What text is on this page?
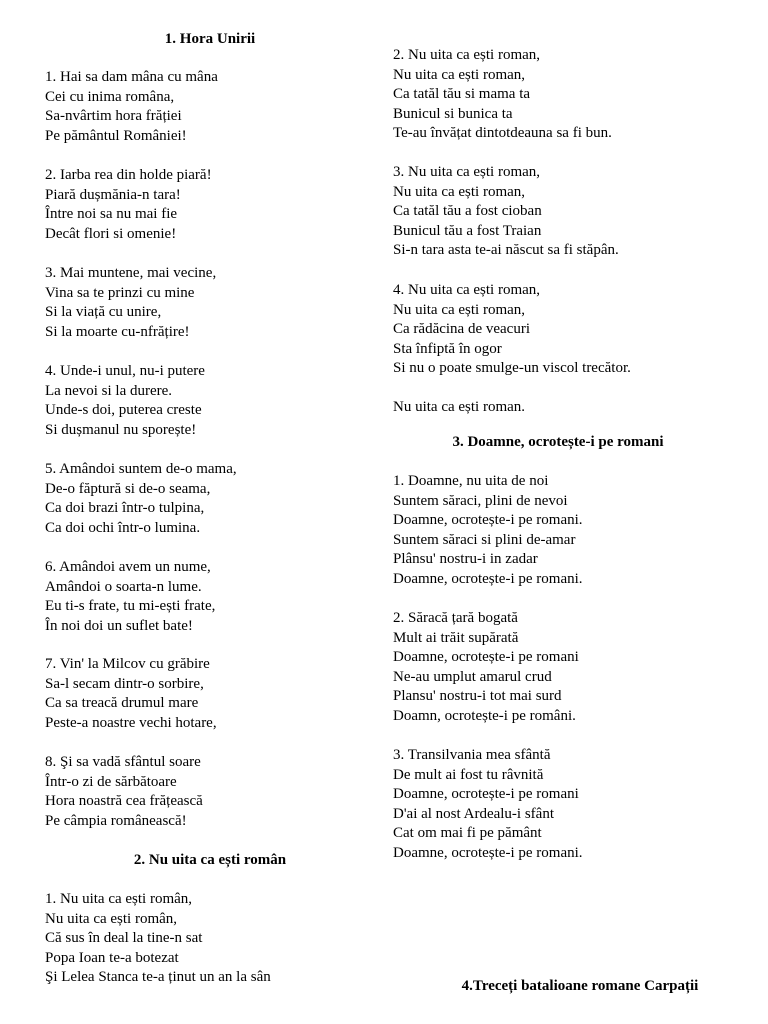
1. Hora Unirii
1. Hai sa dam mâna cu mâna
Cei cu inima româna,
Sa-nvârtim hora frăției
Pe pământul României!
2. Iarba rea din holde piară!
Piară dușmănia-n tara!
Între noi sa nu mai fie
Decât flori si omenie!
3. Mai muntene, mai vecine,
Vina sa te prinzi cu mine
Si la viață cu unire,
Si la moarte cu-nfrățire!
4. Unde-i unul, nu-i putere
La nevoi si la durere.
Unde-s doi, puterea creste
Si dușmanul nu sporește!
5. Amândoi suntem de-o mama,
De-o făptură si de-o seama,
Ca doi brazi într-o tulpina,
Ca doi ochi într-o lumina.
6. Amândoi avem un nume,
Amândoi o soarta-n lume.
Eu ti-s frate, tu mi-ești frate,
În noi doi un suflet bate!
7. Vin' la Milcov cu grăbire
Sa-l secam dintr-o sorbire,
Ca sa treacă drumul mare
Peste-a noastre vechi hotare,
8. Şi sa vadă sfântul soare
Într-o zi de sărbătoare
Hora noastră cea frățească
Pe câmpia românească!
2. Nu uita ca ești român
1. Nu uita ca ești român,
Nu uita ca ești român,
Că sus în deal la tine-n sat
Popa Ioan te-a botezat
Şi Lelea Stanca te-a ținut un an la sân
2. Nu uita ca ești roman,
Nu uita ca ești roman,
Ca tatăl tău si mama ta
Bunicul si bunica ta
Te-au învățat dintotdeauna sa fi bun.
3. Nu uita ca ești roman,
Nu uita ca ești roman,
Ca tatăl tău a fost cioban
Bunicul tău a fost Traian
Si-n tara asta te-ai născut sa fi stăpân.
4. Nu uita ca ești roman,
Nu uita ca ești roman,
Ca rădăcina de veacuri
Sta înfiptă în ogor
Si nu o poate smulge-un viscol trecător.
Nu uita ca ești roman.
3. Doamne, ocrotește-i pe romani
1. Doamne, nu uita de noi
Suntem săraci, plini de nevoi
Doamne, ocrotește-i pe romani.
Suntem săraci si plini de-amar
Plânsu' nostru-i in zadar
Doamne, ocrotește-i pe romani.
2. Săracă țară bogată
Mult ai trăit supărată
Doamne, ocrotește-i pe romani
Ne-au umplut amarul crud
Plansu' nostru-i tot mai surd
Doamn, ocrotește-i pe români.
3. Transilvania mea sfântă
De mult ai fost tu râvnită
Doamne, ocrotește-i pe romani
D'ai al nost Ardealu-i sfânt
Cat om mai fi pe pământ
Doamne, ocrotește-i pe romani.
4.Treceți batalioane romane Carpații
